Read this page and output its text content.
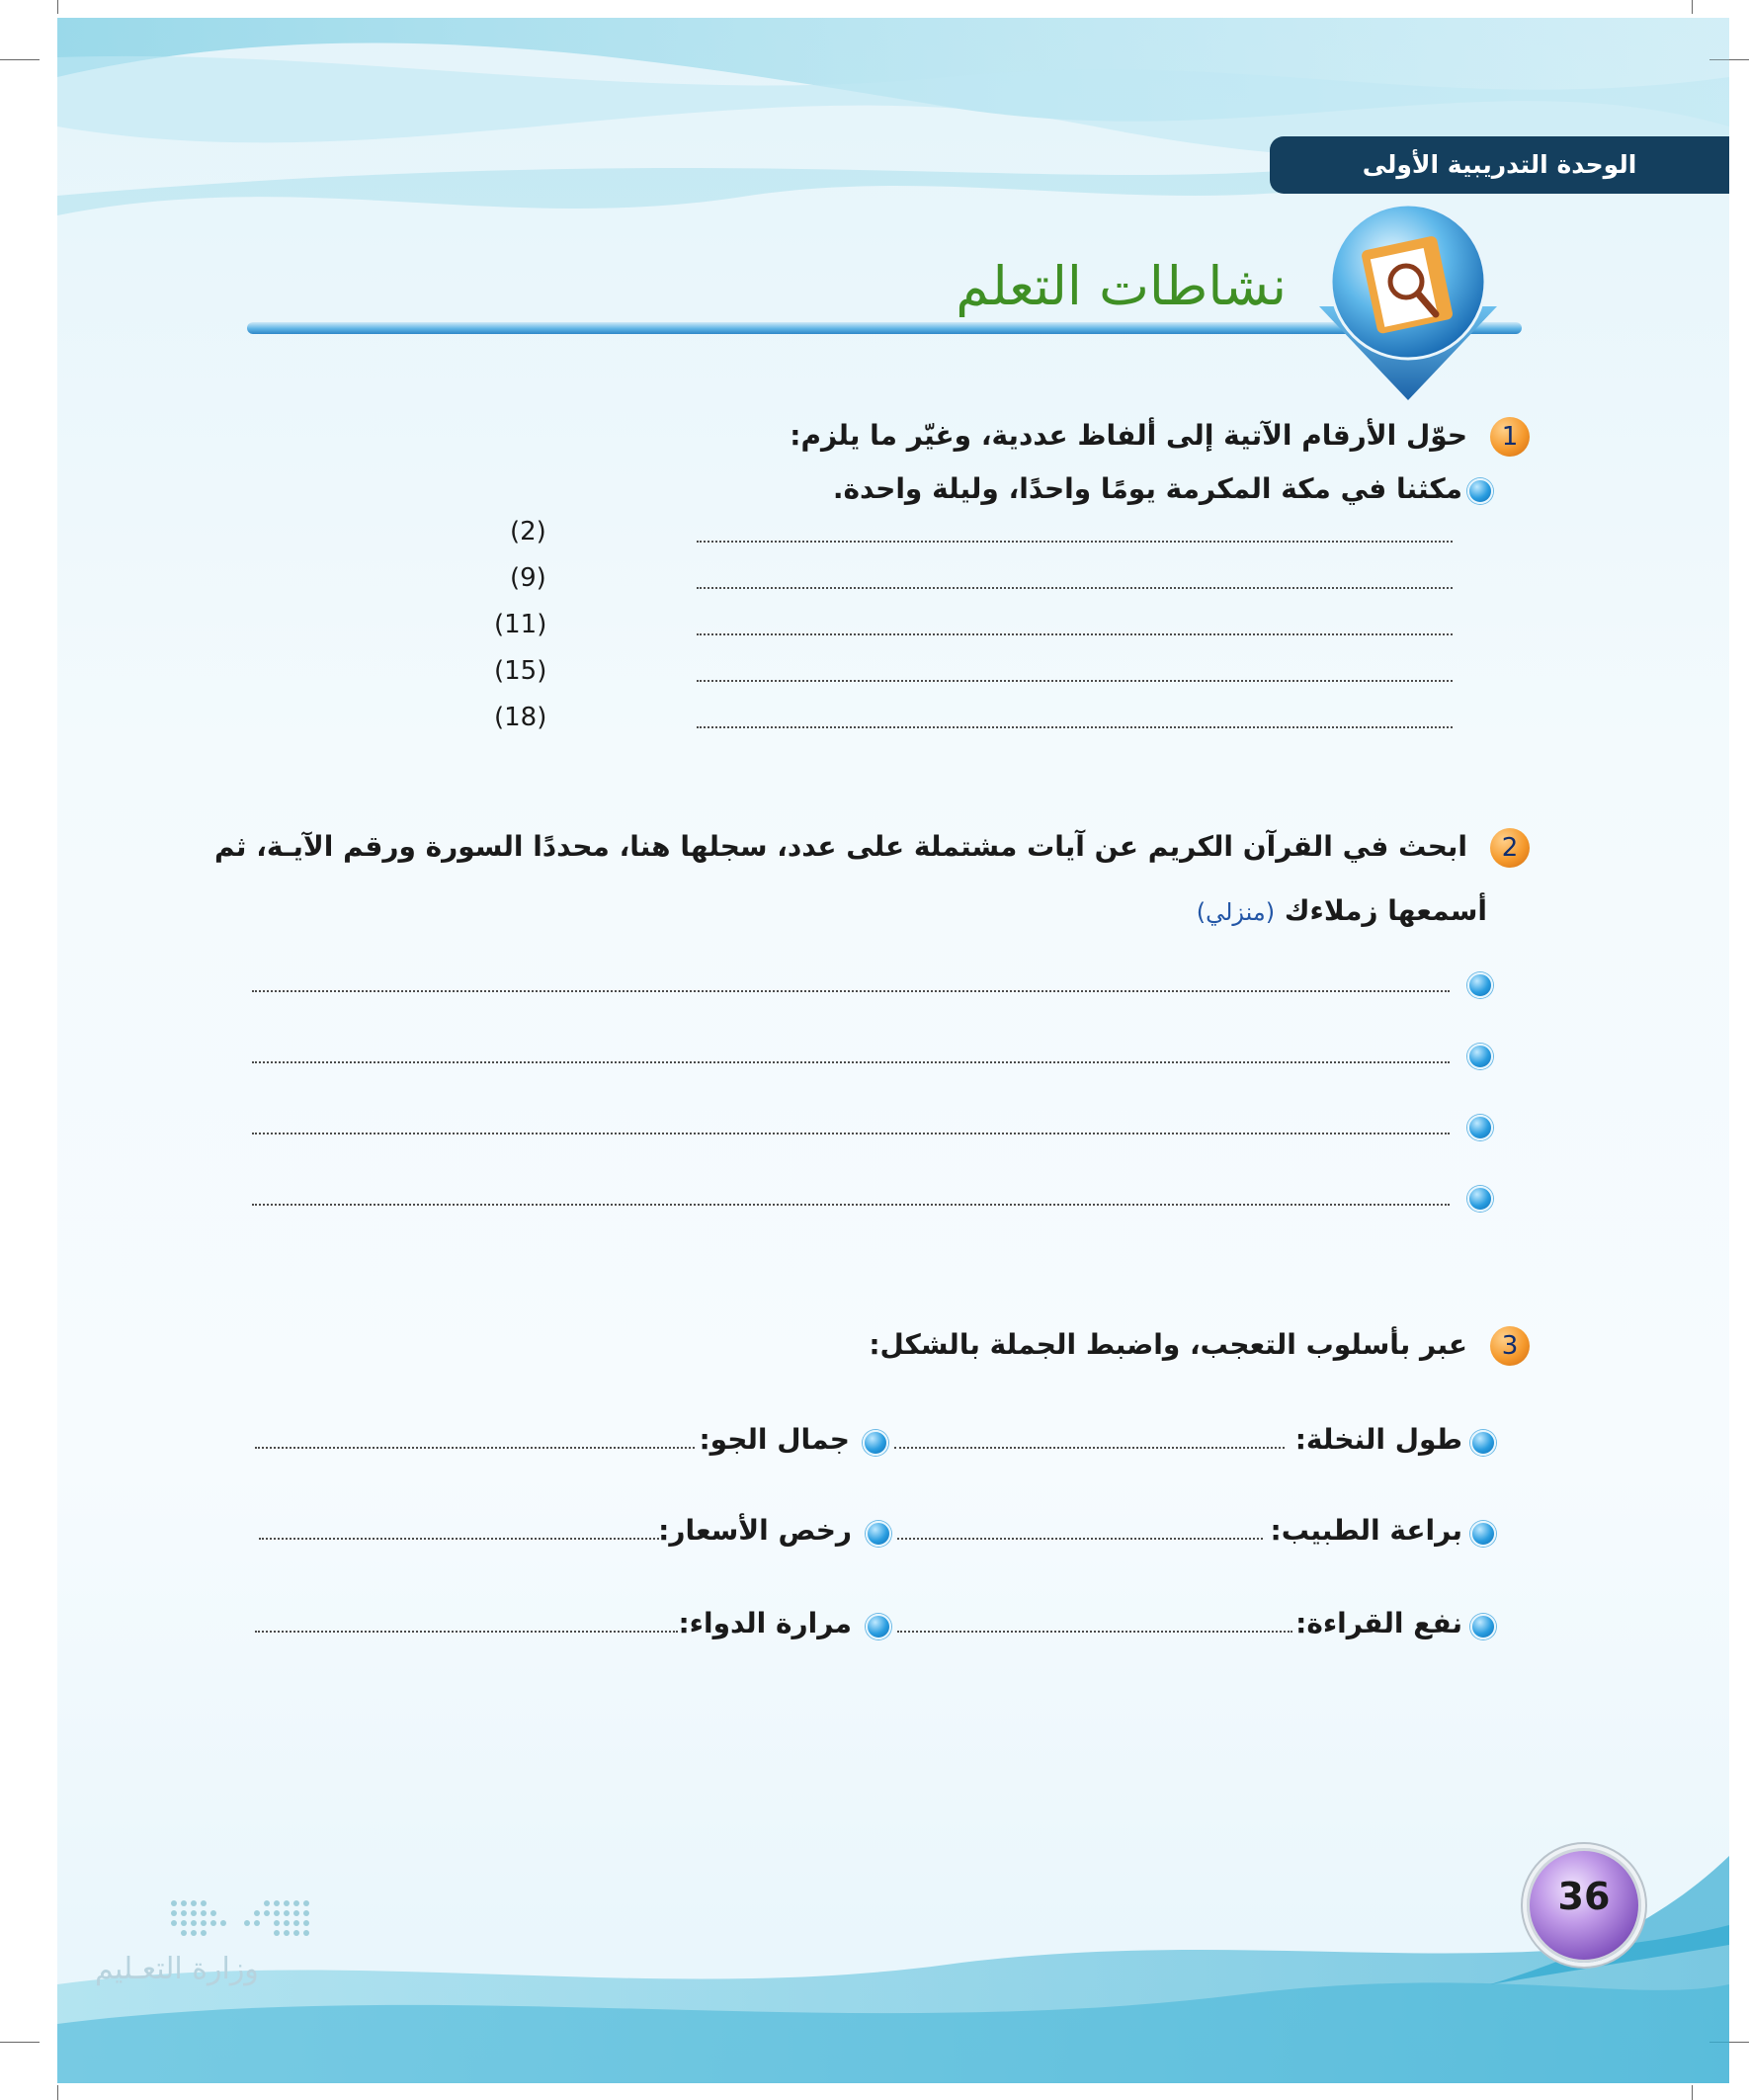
الوحدة التدريبية الأولى
نشاطات التعلم
1
حوّل الأرقام الآتية إلى ألفاظ عددية، وغيّر ما يلزم:
مكثنا في مكة المكرمة يومًا واحدًا، وليلة واحدة.
(2)
(9)
(11)
(15)
(18)
2
ابحث في القرآن الكريم عن آيات مشتملة على عدد، سجلها هنا، محددًا السورة ورقم الآيـة، ثم
أسمعها زملاءك (منزلي)
3
عبر بأسلوب التعجب، واضبط الجملة بالشكل:
طول النخلة:
جمال الجو:
براعة الطبيب:
رخص الأسعار:
نفع القراءة:
مرارة الدواء:
36
وزارة التعـليم
